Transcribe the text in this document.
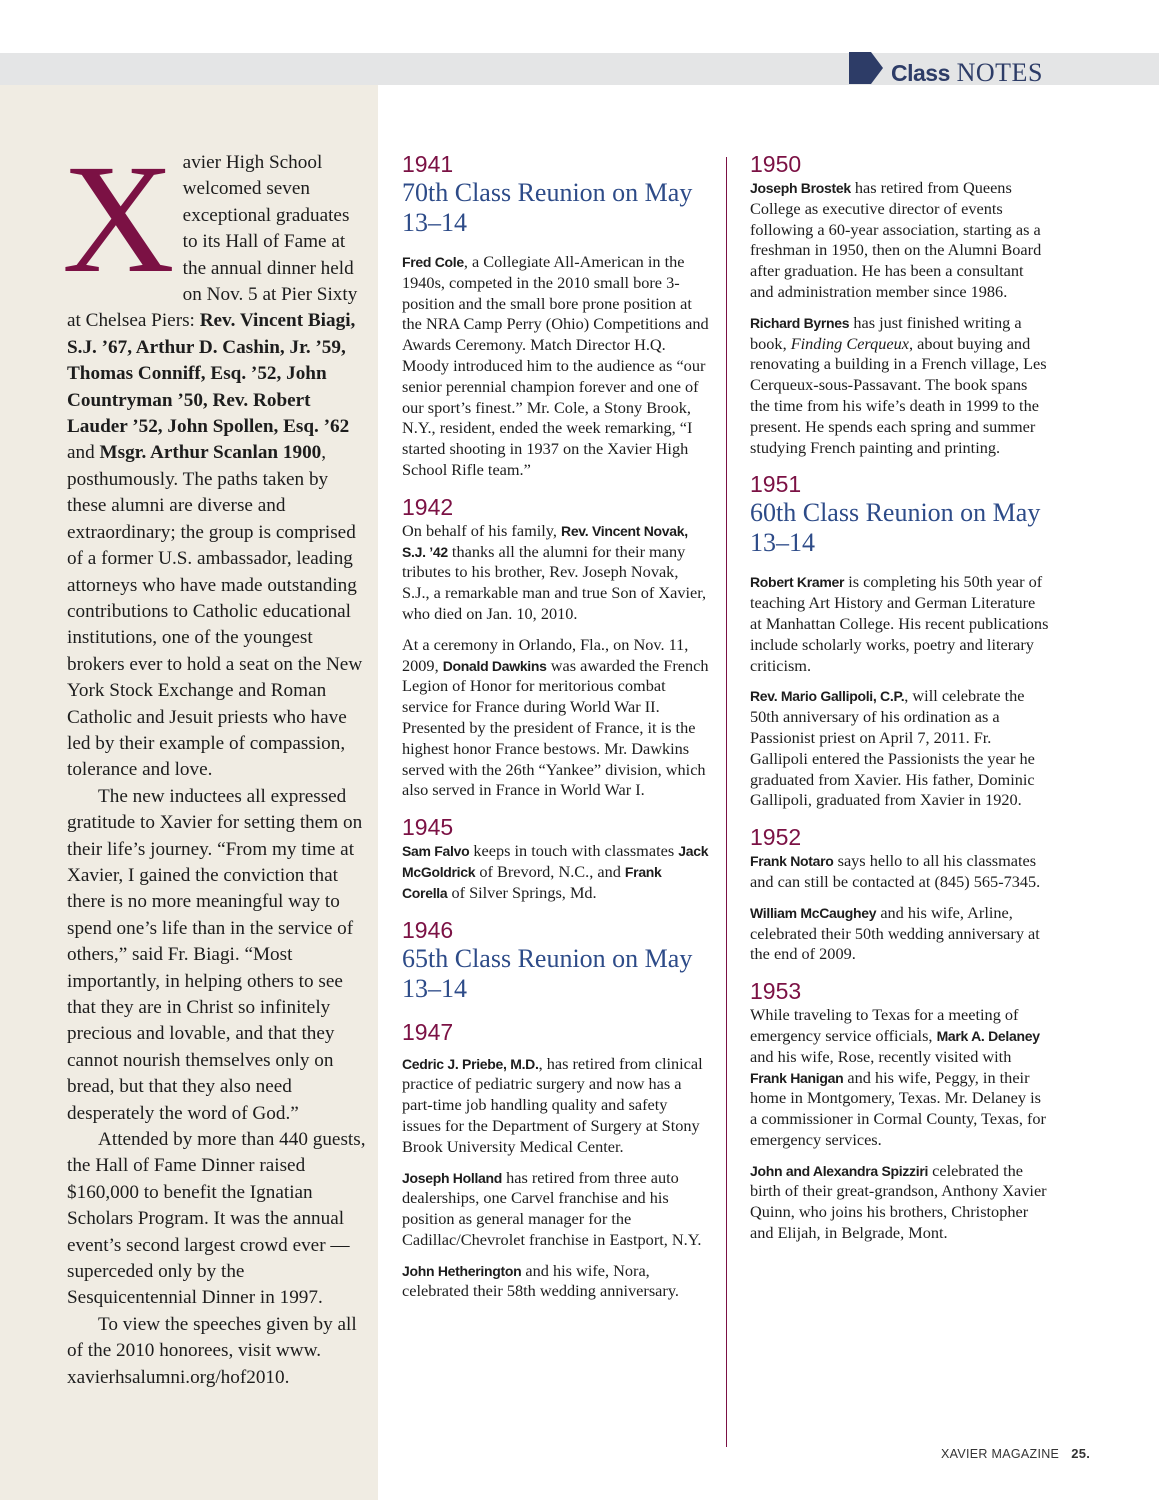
Class NOTES

Xavier High School welcomed seven exceptional graduates to its Hall of Fame at the annual dinner held on Nov. 5 at Pier Sixty at Chelsea Piers: Rev. Vincent Biagi, S.J. ’67, Arthur D. Cashin, Jr. ’59, Thomas Conniff, Esq. ’52, John Countryman ’50, Rev. Robert Lauder ’52, John Spollen, Esq. ’62 and Msgr. Arthur Scanlan 1900, posthumously. The paths taken by these alumni are diverse and extraordinary; the group is comprised of a former U.S. ambassador, leading attorneys who have made outstanding contributions to Catholic educational institutions, one of the youngest brokers ever to hold a seat on the New York Stock Exchange and Roman Catholic and Jesuit priests who have led by their example of compassion, tolerance and love.

The new inductees all expressed gratitude to Xavier for setting them on their life’s journey. “From my time at Xavier, I gained the conviction that there is no more meaningful way to spend one’s life than in the service of others,” said Fr. Biagi. “Most importantly, in helping others to see that they are in Christ so infinitely precious and lovable, and that they cannot nourish themselves only on bread, but that they also need desperately the word of God.”

Attended by more than 440 guests, the Hall of Fame Dinner raised $160,000 to benefit the Ignatian Scholars Program. It was the annual event’s second largest crowd ever — superceded only by the Sesquicentennial Dinner in 1997.

To view the speeches given by all of the 2010 honorees, visit www. xavierhsalumni.org/hof2010.

1941
70th Class Reunion on May 13–14
Fred Cole, a Collegiate All-American in the 1940s, competed in the 2010 small bore 3-position and the small bore prone position at the NRA Camp Perry (Ohio) Competitions and Awards Ceremony. Match Director H.Q. Moody introduced him to the audience as “our senior perennial champion forever and one of our sport’s finest.” Mr. Cole, a Stony Brook, N.Y., resident, ended the week remarking, “I started shooting in 1937 on the Xavier High School Rifle team.”
1942
On behalf of his family, Rev. Vincent Novak, S.J. ’42 thanks all the alumni for their many tributes to his brother, Rev. Joseph Novak, S.J., a remarkable man and true Son of Xavier, who died on Jan. 10, 2010.
At a ceremony in Orlando, Fla., on Nov. 11, 2009, Donald Dawkins was awarded the French Legion of Honor for meritorious combat service for France during World War II. Presented by the president of France, it is the highest honor France bestows. Mr. Dawkins served with the 26th “Yankee” division, which also served in France in World War I.
1945
Sam Falvo keeps in touch with classmates Jack McGoldrick of Brevord, N.C., and Frank Corella of Silver Springs, Md.
1946
65th Class Reunion on May 13–14
1947
Cedric J. Priebe, M.D., has retired from clinical practice of pediatric surgery and now has a part-time job handling quality and safety issues for the Department of Surgery at Stony Brook University Medical Center.
Joseph Holland has retired from three auto dealerships, one Carvel franchise and his position as general manager for the Cadillac/Chevrolet franchise in Eastport, N.Y.
John Hetherington and his wife, Nora, celebrated their 58th wedding anniversary.
1950
Joseph Brostek has retired from Queens College as executive director of events following a 60-year association, starting as a freshman in 1950, then on the Alumni Board after graduation. He has been a consultant and administration member since 1986.
Richard Byrnes has just finished writing a book, Finding Cerqueux, about buying and renovating a building in a French village, Les Cerqueux-sous-Passavant. The book spans the time from his wife’s death in 1999 to the present. He spends each spring and summer studying French painting and printing.
1951
60th Class Reunion on May 13–14
Robert Kramer is completing his 50th year of teaching Art History and German Literature at Manhattan College. His recent publications include scholarly works, poetry and literary criticism.
Rev. Mario Gallipoli, C.P., will celebrate the 50th anniversary of his ordination as a Passionist priest on April 7, 2011. Fr. Gallipoli entered the Passionists the year he graduated from Xavier. His father, Dominic Gallipoli, graduated from Xavier in 1920.
1952
Frank Notaro says hello to all his classmates and can still be contacted at (845) 565-7345.
William McCaughey and his wife, Arline, celebrated their 50th wedding anniversary at the end of 2009.
1953
While traveling to Texas for a meeting of emergency service officials, Mark A. Delaney and his wife, Rose, recently visited with Frank Hanigan and his wife, Peggy, in their home in Montgomery, Texas. Mr. Delaney is a commissioner in Cormal County, Texas, for emergency services.
John and Alexandra Spizziri celebrated the birth of their great-grandson, Anthony Xavier Quinn, who joins his brothers, Christopher and Elijah, in Belgrade, Mont.
XAVIER MAGAZINE 25.
